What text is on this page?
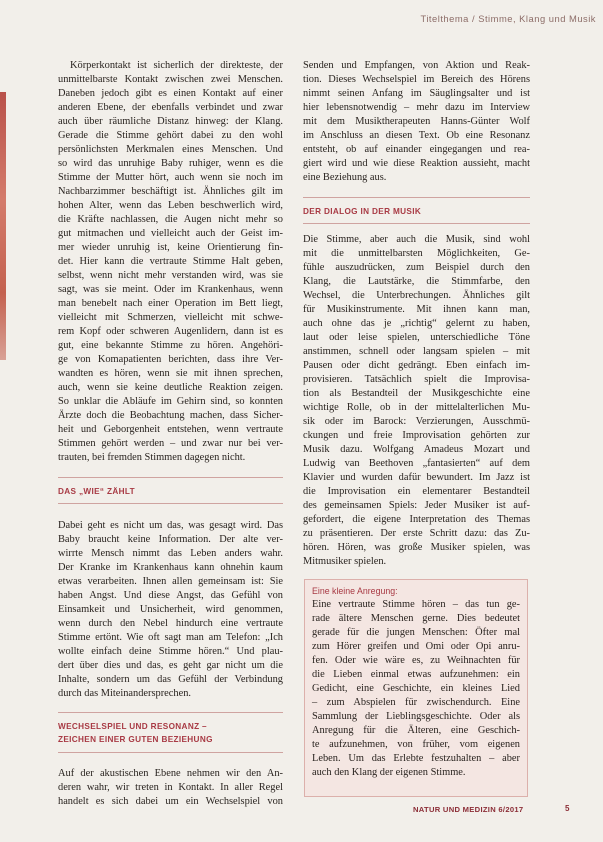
Titelthema / Stimme, Klang und Musik
Körperkontakt ist sicherlich der direkteste, der
unmittelbarste Kontakt zwischen zwei Menschen.
Daneben jedoch gibt es einen Kontakt auf einer
anderen Ebene, der ebenfalls verbindet und zwar
auch über räumliche Distanz hinweg: der Klang.
Gerade die Stimme gehört dabei zu den wohl
persönlichsten Merkmalen eines Menschen. Und
so wird das unruhige Baby ruhiger, wenn es die
Stimme der Mutter hört, auch wenn sie noch im
Nachbarzimmer beschäftigt ist. Ähnliches gilt im
hohen Alter, wenn das Leben beschwerlich wird,
die Kräfte nachlassen, die Augen nicht mehr so
gut mitmachen und vielleicht auch der Geist im-
mer wieder unruhig ist, keine Orientierung fin-
det. Hier kann die vertraute Stimme Halt geben,
selbst, wenn nicht mehr verstanden wird, was sie
sagt, was sie meint. Oder im Krankenhaus, wenn
man benebelt nach einer Operation im Bett liegt,
vielleicht mit Schmerzen, vielleicht mit schwe-
rem Kopf oder schweren Augenlidern, dann ist es
gut, eine bekannte Stimme zu hören. Angehöri-
ge von Komapatienten berichten, dass ihre Ver-
wandten es hören, wenn sie mit ihnen sprechen,
auch, wenn sie keine deutliche Reaktion zeigen.
So unklar die Abläufe im Gehirn sind, so konnten
Ärzte doch die Beobachtung machen, dass Sicher-
heit und Geborgenheit entstehen, wenn vertraute
Stimmen gehört werden – und zwar nur bei ver-
trauten, bei fremden Stimmen dagegen nicht.
DAS „WIE“ ZÄHLT
Dabei geht es nicht um das, was gesagt wird. Das
Baby braucht keine Information. Der alte ver-
wirrte Mensch nimmt das Leben anders wahr.
Der Kranke im Krankenhaus kann ohnehin kaum
etwas verarbeiten. Ihnen allen gemeinsam ist: Sie
haben Angst. Und diese Angst, das Gefühl von
Einsamkeit und Unsicherheit, wird genommen,
wenn durch den Nebel hindurch eine vertraute
Stimme ertönt. Wie oft sagt man am Telefon: „Ich
wollte einfach deine Stimme hören.“ Und plau-
dert über dies und das, es geht gar nicht um die
Inhalte, sondern um das Gefühl der Verbindung
durch das Miteinandersprechen.
WECHSELSPIEL UND RESONANZ –
ZEICHEN EINER GUTEN BEZIEHUNG
Auf der akustischen Ebene nehmen wir den An-
deren wahr, wir treten in Kontakt. In aller Regel
handelt es sich dabei um ein Wechselspiel von
Senden und Empfangen, von Aktion und Reak-
tion. Dieses Wechselspiel im Bereich des Hörens
nimmt seinen Anfang im Säuglingsalter und ist
hier lebensnotwendig – mehr dazu im Interview
mit dem Musiktherapeuten Hanns-Günter Wolf
im Anschluss an diesen Text. Ob eine Resonanz
entsteht, ob auf einander eingegangen und rea-
giert wird und wie diese Reaktion aussieht, macht
eine Beziehung aus.
DER DIALOG IN DER MUSIK
Die Stimme, aber auch die Musik, sind wohl
mit die unmittelbarsten Möglichkeiten, Ge-
fühle auszudrücken, zum Beispiel durch den
Klang, die Lautstärke, die Stimmfarbe, den
Wechsel, die Unterbrechungen. Ähnliches gilt
für Musikinstrumente. Mit ihnen kann man,
auch ohne das je „richtig“ gelernt zu haben,
laut oder leise spielen, unterschiedliche Töne
anstimmen, schnell oder langsam spielen – mit
Pausen oder dicht gedrängt. Eben einfach im-
provisieren. Tatsächlich spielt die Improvisa-
tion als Bestandteil der Musikgeschichte eine
wichtige Rolle, ob in der mittelalterlichen Mu-
sik oder im Barock: Verzierungen, Ausschmü-
ckungen und freie Improvisation gehörten zur
Musik dazu. Wolfgang Amadeus Mozart und
Ludwig van Beethoven „fantasierten“ auf dem
Klavier und wurden dafür bewundert. Im Jazz ist
die Improvisation ein elementarer Bestandteil
des gemeinsamen Spiels: Jeder Musiker ist auf-
gefordert, die eigene Interpretation des Themas
zu präsentieren. Der erste Schritt dazu: das Zu-
hören. Hören, was große Musiker spielen, was
Mitmusiker spielen.
Eine kleine Anregung:
Eine vertraute Stimme hören – das tun ge-
rade ältere Menschen gerne. Dies bedeutet
gerade für die jungen Menschen: Öfter mal
zum Hörer greifen und Omi oder Opi anru-
fen. Oder wie wäre es, zu Weihnachten für
die Lieben einmal etwas aufzunehmen: ein
Gedicht, eine Geschichte, ein kleines Lied
– zum Abspielen für zwischendurch. Eine
Sammlung der Lieblingsgeschichte. Oder als
Anregung für die Älteren, eine Geschich-
te aufzunehmen, von früher, vom eigenen
Leben. Um das Erlebte festzuhalten – aber
auch den Klang der eigenen Stimme.
NATUR UND MEDIZIN 6/2017	5
